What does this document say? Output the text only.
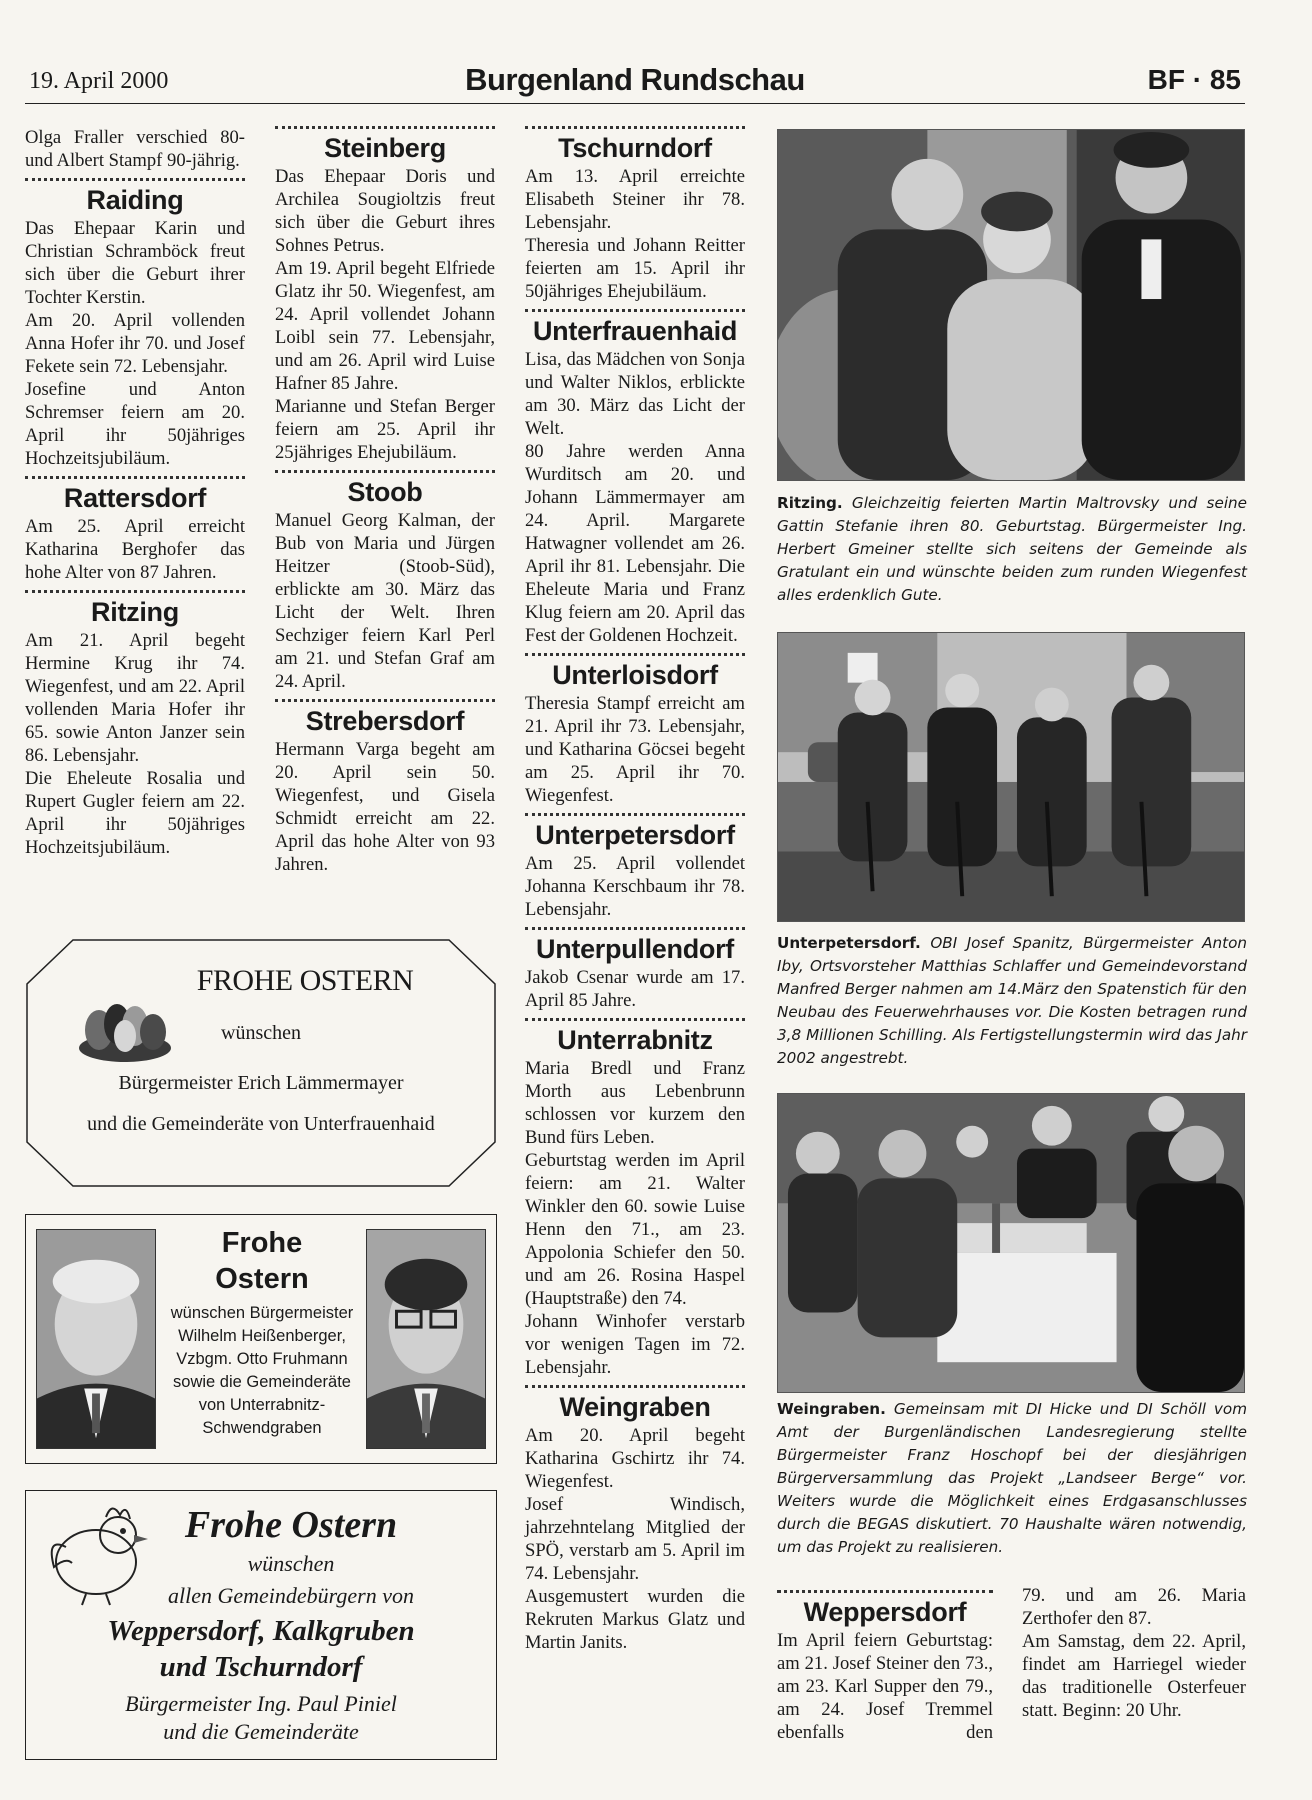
19. April 2000	Burgenland Rundschau	BF · 85

Olga Fraller verschied 80- und Albert Stampf 90-jährig.

Raiding

Das Ehepaar Karin und Christian Schramböck freut sich über die Geburt ihrer Tochter Kerstin.

Am 20. April vollenden Anna Hofer ihr 70. und Josef Fekete sein 72. Lebensjahr.

Josefine und Anton Schremser feiern am 20. April ihr 50jähriges Hochzeitsjubiläum.

Rattersdorf

Am 25. April erreicht Katharina Berghofer das hohe Alter von 87 Jahren.

Ritzing

Am 21. April begeht Hermine Krug ihr 74. Wiegenfest, und am 22. April vollenden Maria Hofer ihr 65. sowie Anton Janzer sein 86. Lebensjahr.

Die Eheleute Rosalia und Rupert Gugler feiern am 22. April ihr 50jähriges Hochzeitsjubiläum.

Steinberg

Das Ehepaar Doris und Archilea Sougioltzis freut sich über die Geburt ihres Sohnes Petrus.

Am 19. April begeht Elfriede Glatz ihr 50. Wiegenfest, am 24. April vollendet Johann Loibl sein 77. Lebensjahr, und am 26. April wird Luise Hafner 85 Jahre.

Marianne und Stefan Berger feiern am 25. April ihr 25jähriges Ehejubiläum.

Stoob

Manuel Georg Kalman, der Bub von Maria und Jürgen Heitzer (Stoob-Süd), erblickte am 30. März das Licht der Welt. Ihren Sechziger feiern Karl Perl am 21. und Stefan Graf am 24. April.

Strebersdorf

Hermann Varga begeht am 20. April sein 50. Wiegenfest, und Gisela Schmidt erreicht am 22. April das hohe Alter von 93 Jahren.

Tschurndorf

Am 13. April erreichte Elisabeth Steiner ihr 78. Lebensjahr.

Theresia und Johann Reitter feierten am 15. April ihr 50jähriges Ehejubiläum.

Unterfrauenhaid

Lisa, das Mädchen von Sonja und Walter Niklos, erblickte am 30. März das Licht der Welt.

80 Jahre werden Anna Wurditsch am 20. und Johann Lämmermayer am 24. April. Margarete Hatwagner vollendet am 26. April ihr 81. Lebensjahr. Die Eheleute Maria und Franz Klug feiern am 20. April das Fest der Goldenen Hochzeit.

Unterloisdorf

Theresia Stampf erreicht am 21. April ihr 73. Lebensjahr, und Katharina Göcsei begeht am 25. April ihr 70. Wiegenfest.

Unterpetersdorf

Am 25. April vollendet Johanna Kerschbaum ihr 78. Lebensjahr.

Unterpullendorf

Jakob Csenar wurde am 17. April 85 Jahre.

Unterrabnitz

Maria Bredl und Franz Morth aus Lebenbrunn schlossen vor kurzem den Bund fürs Leben.

Geburtstag werden im April feiern: am 21. Walter Winkler den 60. sowie Luise Henn den 71., am 23. Appolonia Schiefer den 50. und am 26. Rosina Haspel (Hauptstraße) den 74.

Johann Winhofer verstarb vor wenigen Tagen im 72. Lebensjahr.

Weingraben

Am 20. April begeht Katharina Gschirtz ihr 74. Wiegenfest.

Josef Windisch, jahrzehntelang Mitglied der SPÖ, verstarb am 5. April im 74. Lebensjahr.

Ausgemustert wurden die Rekruten Markus Glatz und Martin Janits.

Ritzing. Gleichzeitig feierten Martin Maltrovsky und seine Gattin Stefanie ihren 80. Geburtstag. Bürgermeister Ing. Herbert Gmeiner stellte sich seitens der Gemeinde als Gratulant ein und wünschte beiden zum runden Wiegenfest alles erdenklich Gute.
Unterpetersdorf. OBI Josef Spanitz, Bürgermeister Anton Iby, Ortsvorsteher Matthias Schlaffer und Gemeindevorstand Manfred Berger nahmen am 14.März den Spatenstich für den Neubau des Feuerwehrhauses vor. Die Kosten betragen rund 3,8 Millionen Schilling. Als Fertigstellungstermin wird das Jahr 2002 angestrebt.
Weingraben. Gemeinsam mit DI Hicke und DI Schöll vom Amt der Burgenländischen Landesregierung stellte Bürgermeister Franz Hoschopf bei der diesjährigen Bürgerversammlung das Projekt „Landseer Berge“ vor. Weiters wurde die Möglichkeit eines Erdgasanschlusses durch die BEGAS diskutiert. 70 Haushalte wären notwendig, um das Projekt zu realisieren.
Weppersdorf

Im April feiern Geburtstag: am 21. Josef Steiner den 73., am 23. Karl Supper den 79., am 24. Josef Tremmel ebenfalls den

79. und am 26. Maria Zerthofer den 87.

Am Samstag, dem 22. April, findet am Harriegel wieder das traditionelle Osterfeuer statt. Beginn: 20 Uhr.

FROHE OSTERN
wünschen
Bürgermeister Erich Lämmermayer
und die Gemeinderäte von Unterfrauenhaid
Frohe
Ostern
wünschen Bürgermeister Wilhelm Heißenberger, Vzbgm. Otto Fruhmann sowie die Gemeinderäte von Unterrabnitz-Schwendgraben
Frohe Ostern
wünschen
allen Gemeindebürgern von
Weppersdorf, Kalkgruben
und Tschurndorf
Bürgermeister Ing. Paul Piniel
und die Gemeinderäte
